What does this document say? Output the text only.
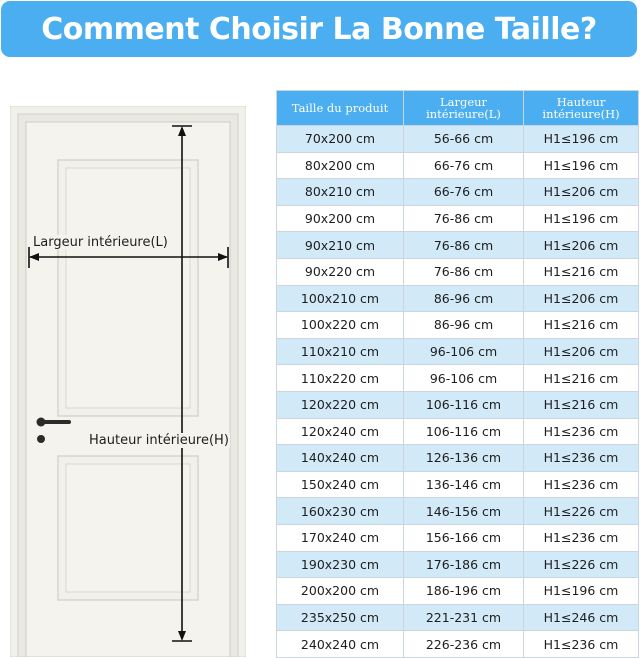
Comment Choisir La Bonne Taille?
Largeur intérieure(L)
Hauteur intérieure(H)
Taille du produit	Largeur intérieure(L)	Hauteur intérieure(H)
70x200 cm	56-66 cm	H1≤196 cm
80x200 cm	66-76 cm	H1≤196 cm
80x210 cm	66-76 cm	H1≤206 cm
90x200 cm	76-86 cm	H1≤196 cm
90x210 cm	76-86 cm	H1≤206 cm
90x220 cm	76-86 cm	H1≤216 cm
100x210 cm	86-96 cm	H1≤206 cm
100x220 cm	86-96 cm	H1≤216 cm
110x210 cm	96-106 cm	H1≤206 cm
110x220 cm	96-106 cm	H1≤216 cm
120x220 cm	106-116 cm	H1≤216 cm
120x240 cm	106-116 cm	H1≤236 cm
140x240 cm	126-136 cm	H1≤236 cm
150x240 cm	136-146 cm	H1≤236 cm
160x230 cm	146-156 cm	H1≤226 cm
170x240 cm	156-166 cm	H1≤236 cm
190x230 cm	176-186 cm	H1≤226 cm
200x200 cm	186-196 cm	H1≤196 cm
235x250 cm	221-231 cm	H1≤246 cm
240x240 cm	226-236 cm	H1≤236 cm
